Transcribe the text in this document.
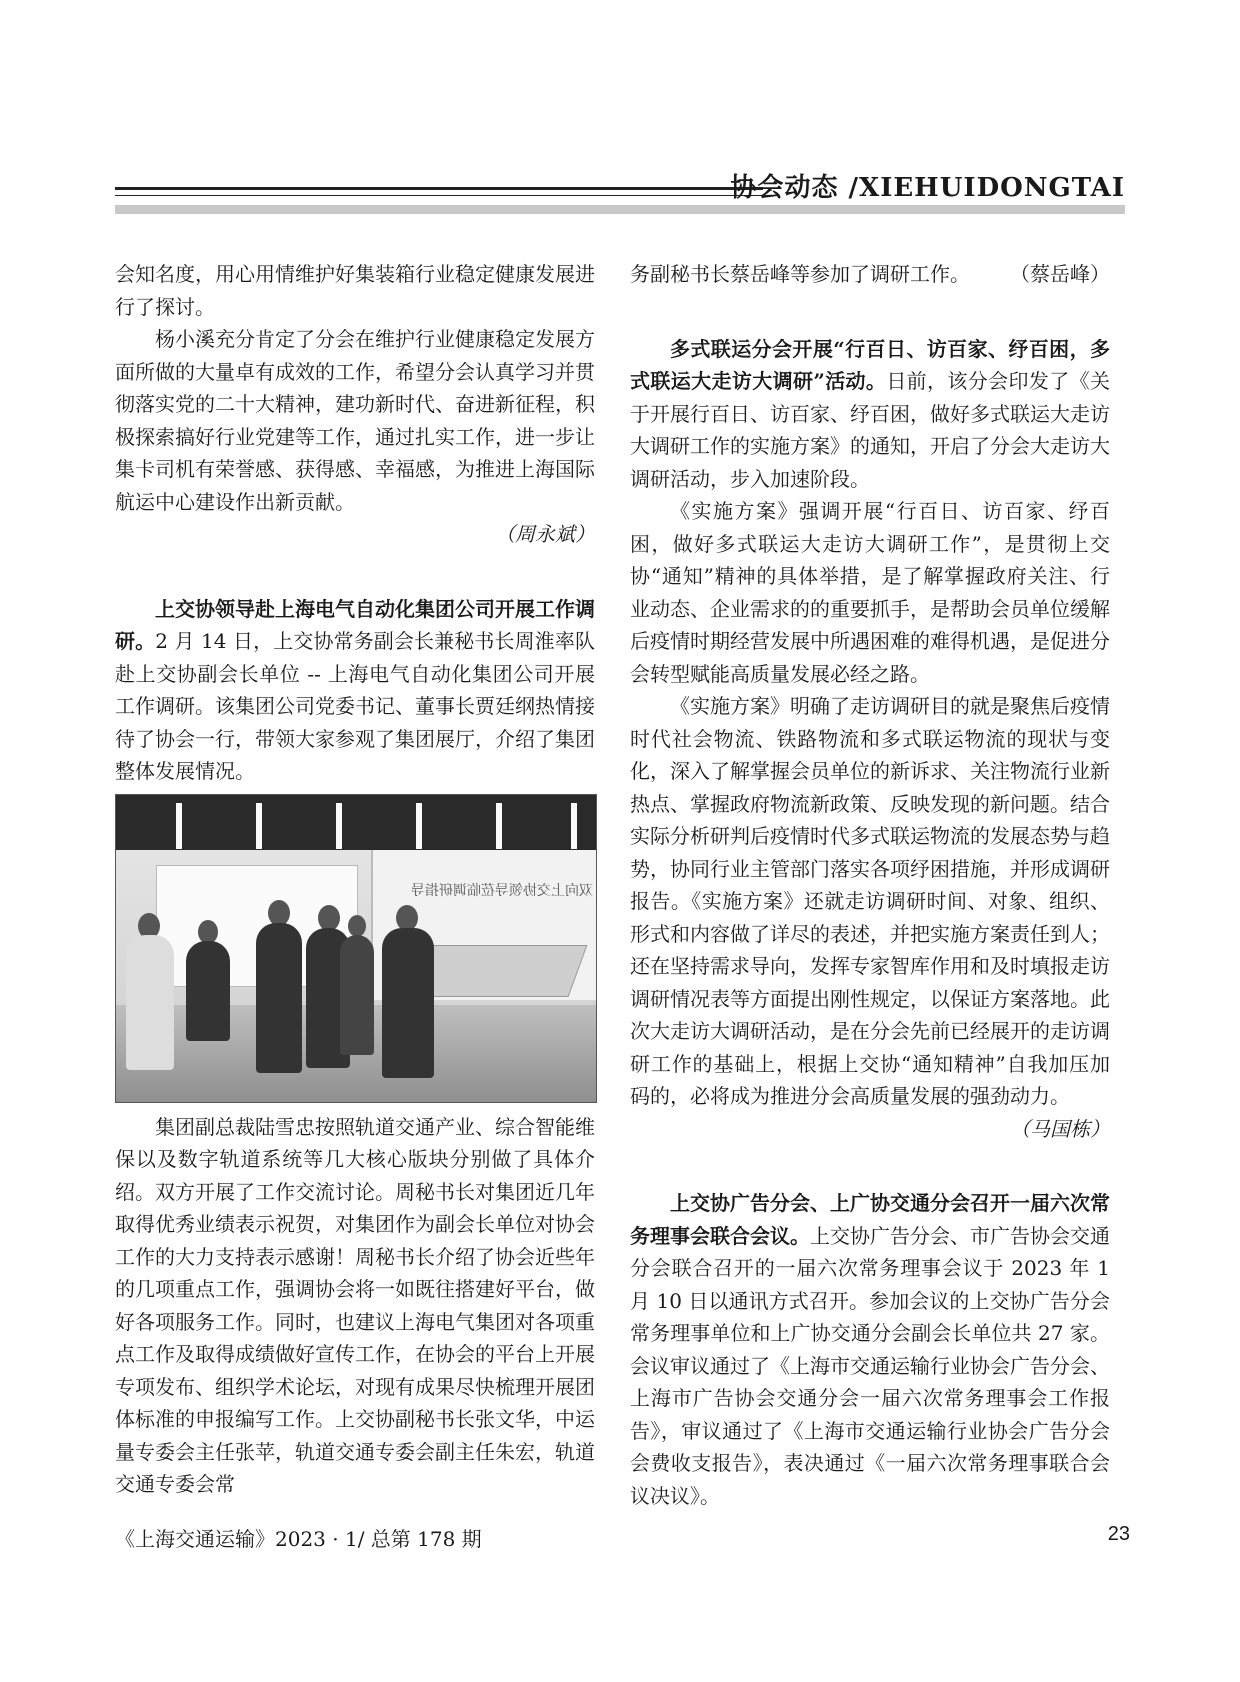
协会动态 /XIEHUIDONGTAI

会知名度，用心用情维护好集装箱行业稳定健康发展进行了探讨。

杨小溪充分肯定了分会在维护行业健康稳定发展方面所做的大量卓有成效的工作，希望分会认真学习并贯彻落实党的二十大精神，建功新时代、奋进新征程，积极探索搞好行业党建等工作，通过扎实工作，进一步让集卡司机有荣誉感、获得感、幸福感，为推进上海国际航运中心建设作出新贡献。

（周永斌）

上交协领导赴上海电气自动化集团公司开展工作调研。2 月 14 日，上交协常务副会长兼秘书长周淮率队赴上交协副会长单位 -- 上海电气自动化集团公司开展工作调研。该集团公司党委书记、董事长贾廷纲热情接待了协会一行，带领大家参观了集团展厅，介绍了集团整体发展情况。

双向上交协领导莅临调研指导

集团副总裁陆雪忠按照轨道交通产业、综合智能维保以及数字轨道系统等几大核心版块分别做了具体介绍。双方开展了工作交流讨论。周秘书长对集团近几年取得优秀业绩表示祝贺，对集团作为副会长单位对协会工作的大力支持表示感谢！周秘书长介绍了协会近些年的几项重点工作，强调协会将一如既往搭建好平台，做好各项服务工作。同时，也建议上海电气集团对各项重点工作及取得成绩做好宣传工作，在协会的平台上开展专项发布、组织学术论坛，对现有成果尽快梳理开展团体标准的申报编写工作。上交协副秘书长张文华，中运量专委会主任张苹，轨道交通专委会副主任朱宏，轨道交通专委会常

务副秘书长蔡岳峰等参加了调研工作。 （蔡岳峰）

多式联运分会开展“行百日、访百家、纾百困，多式联运大走访大调研”活动。日前，该分会印发了《关于开展行百日、访百家、纾百困，做好多式联运大走访大调研工作的实施方案》的通知，开启了分会大走访大调研活动，步入加速阶段。

《实施方案》强调开展“行百日、访百家、纾百困，做好多式联运大走访大调研工作”，是贯彻上交协“通知”精神的具体举措，是了解掌握政府关注、行业动态、企业需求的的重要抓手，是帮助会员单位缓解后疫情时期经营发展中所遇困难的难得机遇，是促进分会转型赋能高质量发展必经之路。

《实施方案》明确了走访调研目的就是聚焦后疫情时代社会物流、铁路物流和多式联运物流的现状与变化，深入了解掌握会员单位的新诉求、关注物流行业新热点、掌握政府物流新政策、反映发现的新问题。结合实际分析研判后疫情时代多式联运物流的发展态势与趋势，协同行业主管部门落实各项纾困措施，并形成调研报告。《实施方案》还就走访调研时间、对象、组织、形式和内容做了详尽的表述，并把实施方案责任到人；还在坚持需求导向，发挥专家智库作用和及时填报走访调研情况表等方面提出刚性规定，以保证方案落地。此次大走访大调研活动，是在分会先前已经展开的走访调研工作的基础上，根据上交协“通知精神”自我加压加码的，必将成为推进分会高质量发展的强劲动力。

（马国栋）

上交协广告分会、上广协交通分会召开一届六次常务理事会联合会议。上交协广告分会、市广告协会交通分会联合召开的一届六次常务理事会议于 2023 年 1 月 10 日以通讯方式召开。参加会议的上交协广告分会常务理事单位和上广协交通分会副会长单位共 27 家。会议审议通过了《上海市交通运输行业协会广告分会、上海市广告协会交通分会一届六次常务理事会工作报告》，审议通过了《上海市交通运输行业协会广告分会会费收支报告》，表决通过《一届六次常务理事联合会议决议》。

《上海交通运输》2023 · 1/ 总第 178 期	23
